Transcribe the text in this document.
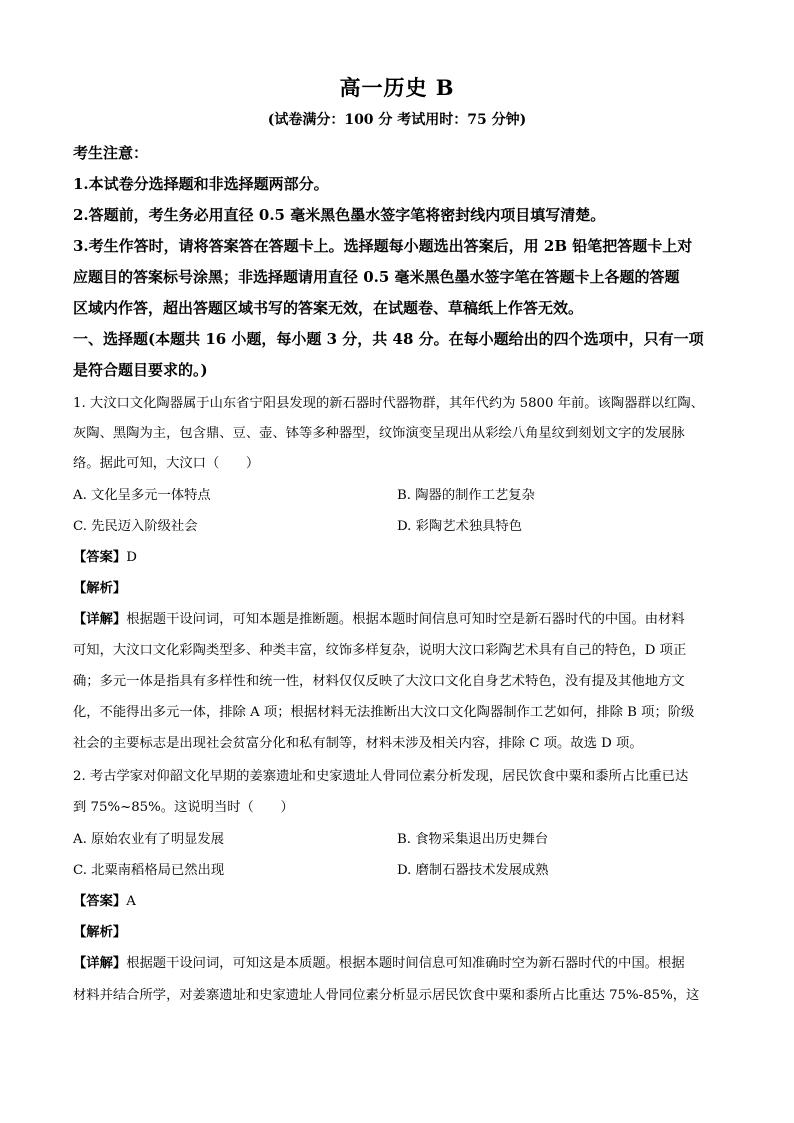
高一历史 B
(试卷满分：100 分 考试用时：75 分钟)
考生注意：
1.本试卷分选择题和非选择题两部分。
2.答题前，考生务必用直径 0.5 毫米黑色墨水签字笔将密封线内项目填写清楚。
3.考生作答时，请将答案答在答题卡上。选择题每小题选出答案后，用 2B 铅笔把答题卡上对
应题目的答案标号涂黑；非选择题请用直径 0.5 毫米黑色墨水签字笔在答题卡上各题的答题
区域内作答，超出答题区域书写的答案无效，在试题卷、草稿纸上作答无效。
一、选择题(本题共 16 小题，每小题 3 分，共 48 分。在每小题给出的四个选项中，只有一项
是符合题目要求的。)
1. 大汶口文化陶器属于山东省宁阳县发现的新石器时代器物群，其年代约为 5800 年前。该陶器群以红陶、
灰陶、黑陶为主，包含鼎、豆、壶、钵等多种器型，纹饰演变呈现出从彩绘八角星纹到刻划文字的发展脉
络。据此可知，大汶口（　　）
A. 文化呈多元一体特点	B. 陶器的制作工艺复杂
C. 先民迈入阶级社会	D. 彩陶艺术独具特色
【答案】D
【解析】
【详解】根据题干设问词，可知本题是推断题。根据本题时间信息可知时空是新石器时代的中国。由材料
可知，大汶口文化彩陶类型多、种类丰富，纹饰多样复杂，说明大汶口彩陶艺术具有自己的特色，D 项正
确；多元一体是指具有多样性和统一性，材料仅仅反映了大汶口文化自身艺术特色，没有提及其他地方文
化，不能得出多元一体，排除 A 项；根据材料无法推断出大汶口文化陶器制作工艺如何，排除 B 项；阶级
社会的主要标志是出现社会贫富分化和私有制等，材料未涉及相关内容，排除 C 项。故选 D 项。
2. 考古学家对仰韶文化早期的姜寨遗址和史家遗址人骨同位素分析发现，居民饮食中粟和黍所占比重已达
到 75%~85%。这说明当时（　　）
A. 原始农业有了明显发展	B. 食物采集退出历史舞台
C. 北粟南稻格局已然出现	D. 磨制石器技术发展成熟
【答案】A
【解析】
【详解】根据题干设问词，可知这是本质题。根据本题时间信息可知准确时空为新石器时代的中国。根据
材料并结合所学，对姜寨遗址和史家遗址人骨同位素分析显示居民饮食中粟和黍所占比重达 75%-85%，这
